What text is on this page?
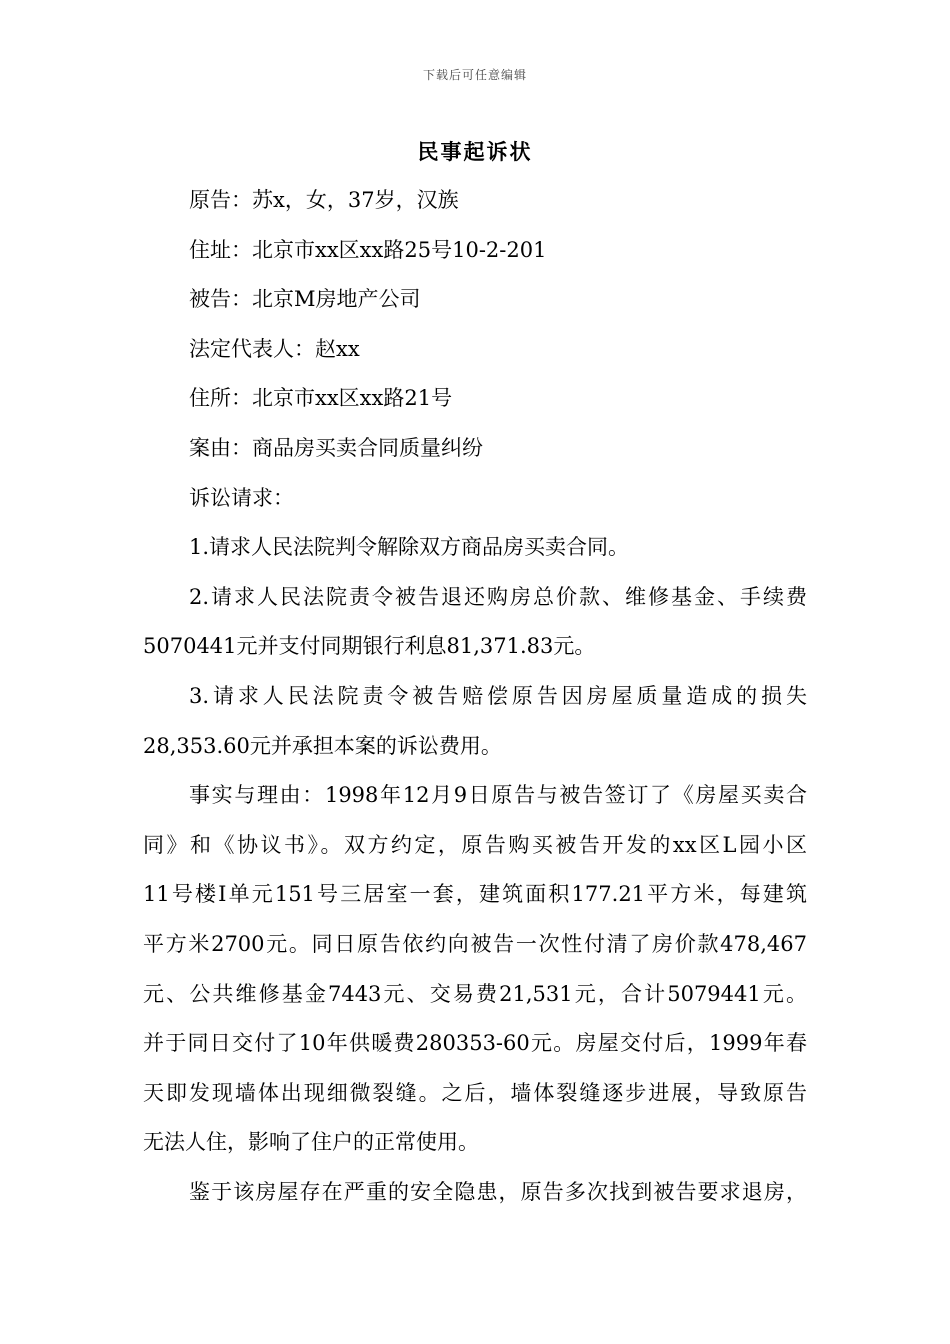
下载后可任意编辑
民事起诉状
原告：苏x，女，37岁，汉族
住址：北京市xx区xx路25号10-2-201
被告：北京M房地产公司
法定代表人：赵xx
住所：北京市xx区xx路21号
案由：商品房买卖合同质量纠纷
诉讼请求：
1.请求人民法院判令解除双方商品房买卖合同。
2.请求人民法院责令被告退还购房总价款、维修基金、手续费
5070441元并支付同期银行利息81,371.83元。
3.请求人民法院责令被告赔偿原告因房屋质量造成的损失
28,353.60元并承担本案的诉讼费用。
事实与理由：1998年12月9日原告与被告签订了《房屋买卖合
同》和《协议书》。双方约定，原告购买被告开发的xx区L园小区
11号楼I单元151号三居室一套，建筑面积177.21平方米，每建筑
平方米2700元。同日原告依约向被告一次性付清了房价款478,467
元、公共维修基金7443元、交易费21,531元，合计5079441元。
并于同日交付了10年供暖费280353-60元。房屋交付后，1999年春
天即发现墙体出现细微裂缝。之后，墙体裂缝逐步进展，导致原告
无法人住，影响了住户的正常使用。
鉴于该房屋存在严重的安全隐患，原告多次找到被告要求退房，
